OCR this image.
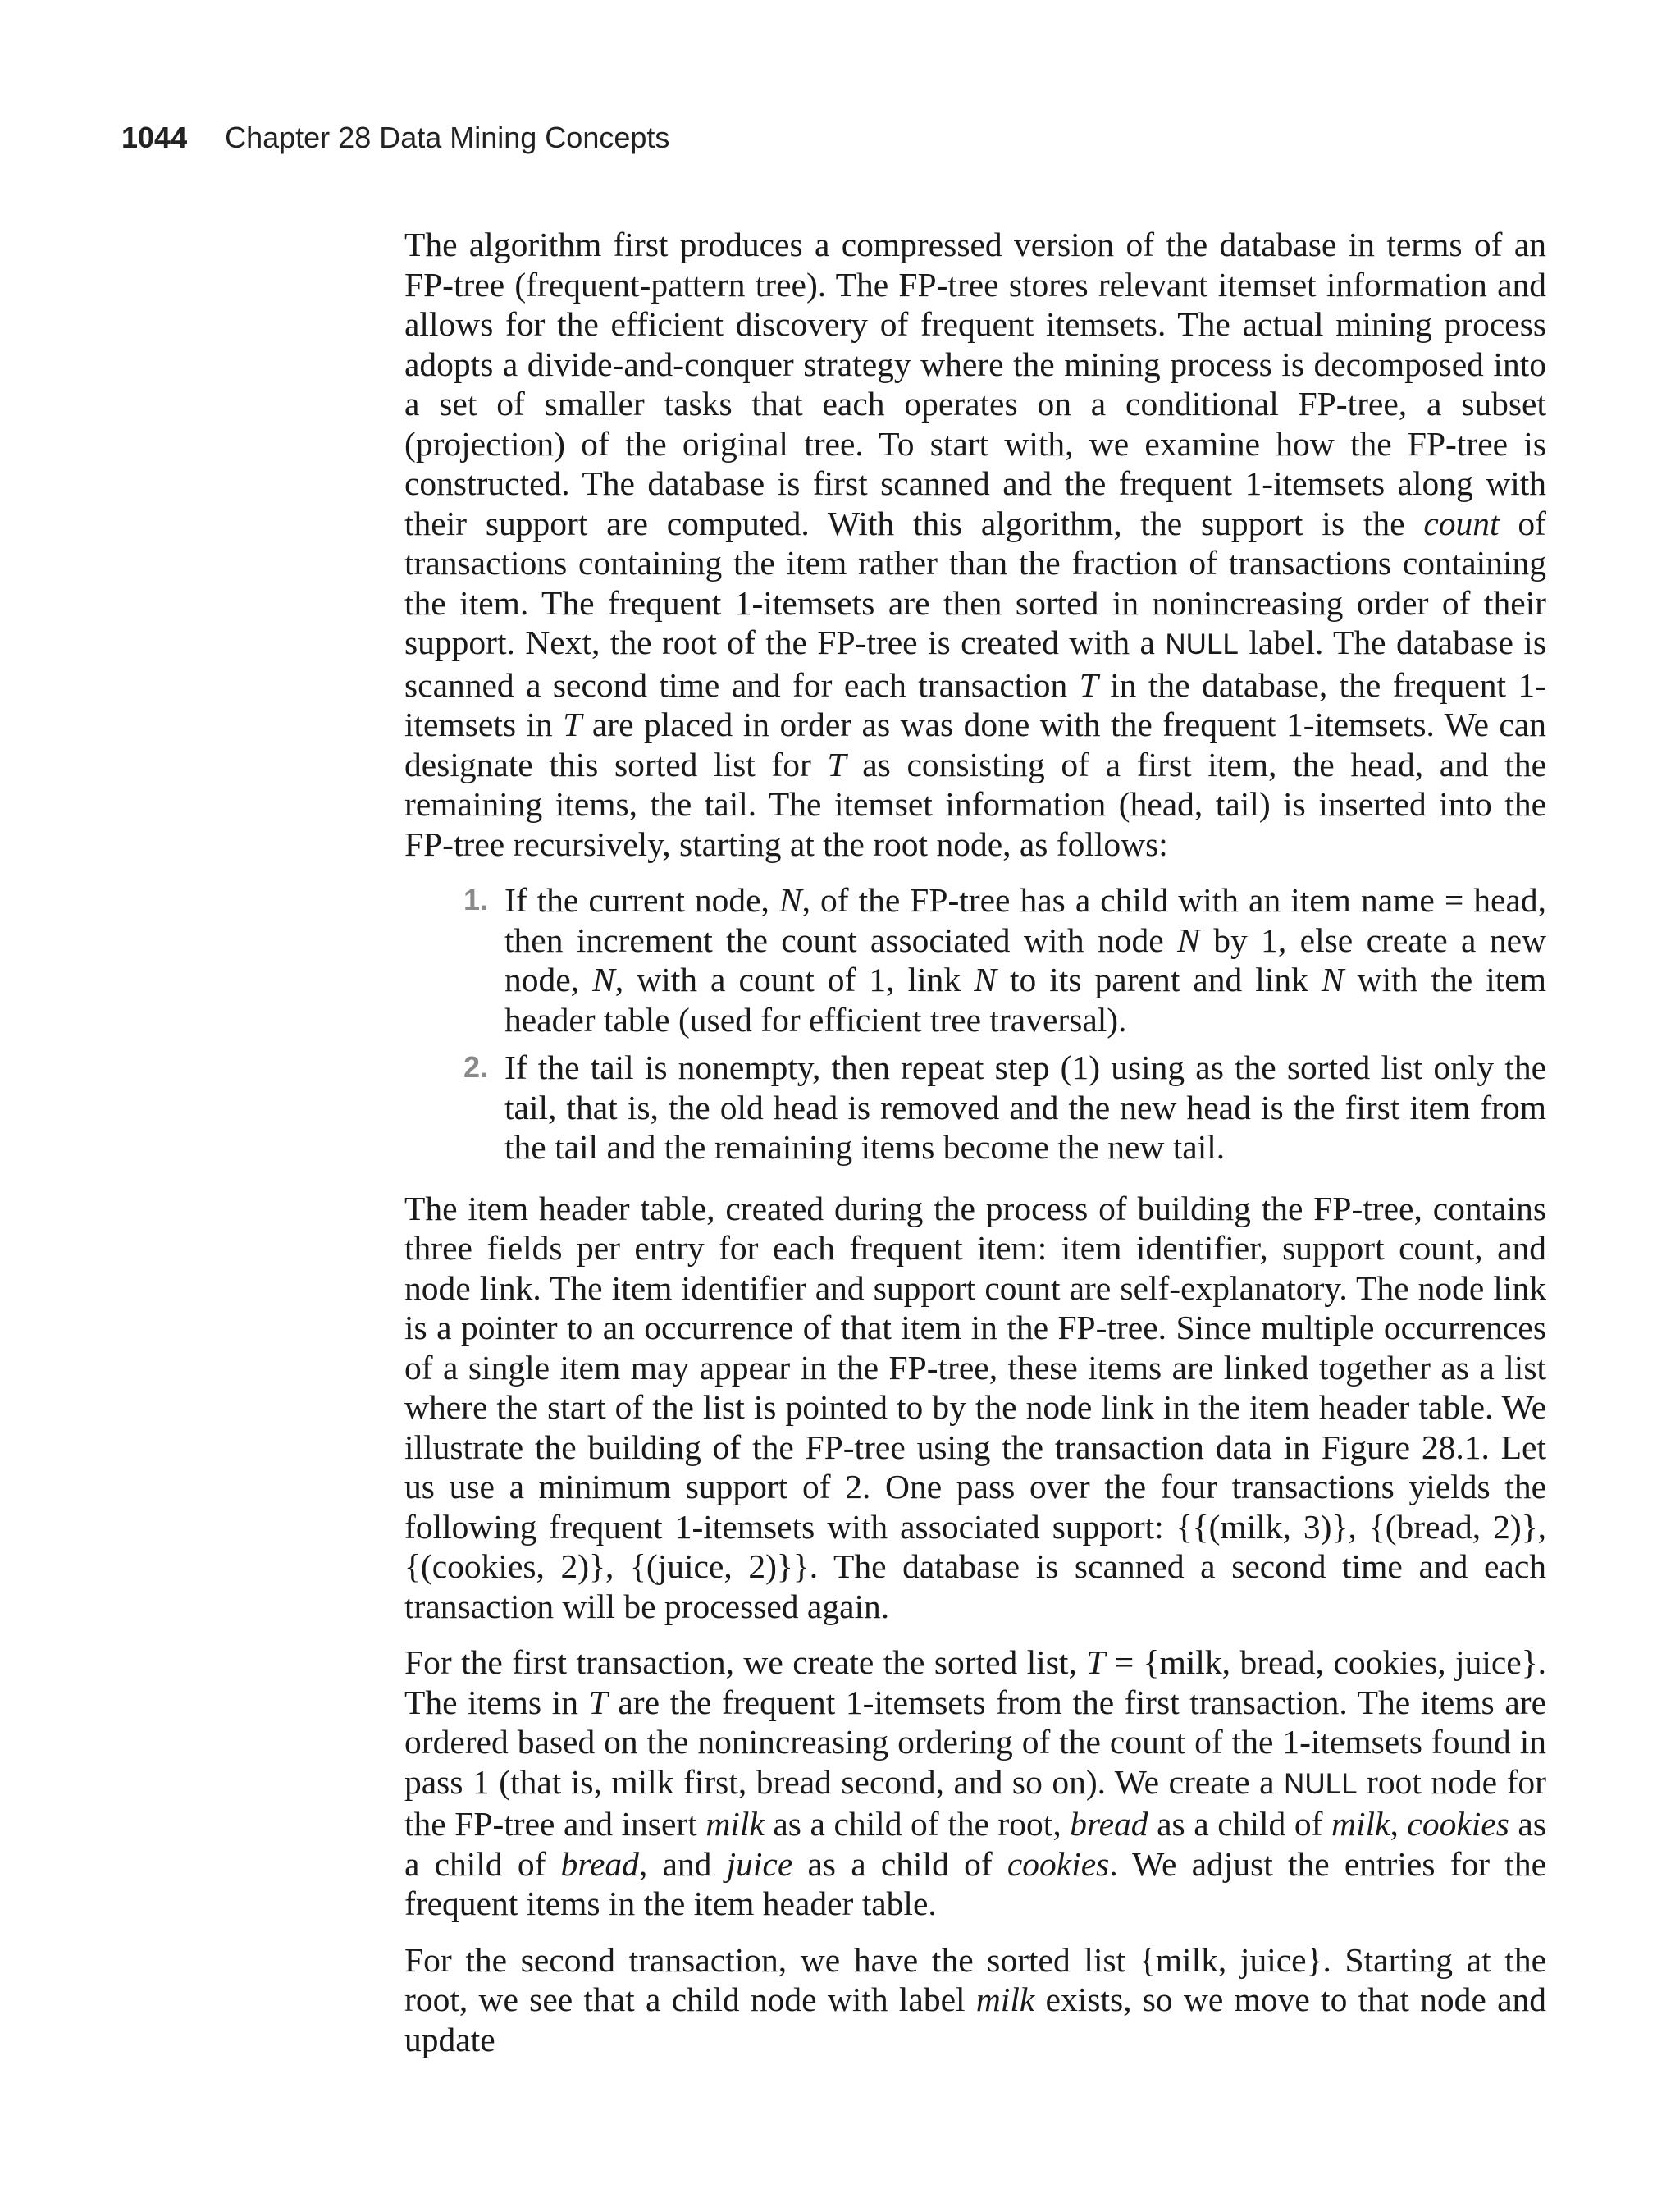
1044 Chapter 28 Data Mining Concepts

The algorithm first produces a compressed version of the database in terms of an FP-tree (frequent-pattern tree). The FP-tree stores relevant itemset information and allows for the efficient discovery of frequent itemsets. The actual mining process adopts a divide-and-conquer strategy where the mining process is decomposed into a set of smaller tasks that each operates on a conditional FP-tree, a subset (projection) of the original tree. To start with, we examine how the FP-tree is constructed. The database is first scanned and the frequent 1-itemsets along with their support are computed. With this algorithm, the support is the count of transactions containing the item rather than the fraction of transactions containing the item. The frequent 1-itemsets are then sorted in nonincreasing order of their support. Next, the root of the FP-tree is created with a NULL label. The database is scanned a second time and for each transaction T in the database, the frequent 1-itemsets in T are placed in order as was done with the frequent 1-itemsets. We can designate this sorted list for T as consisting of a first item, the head, and the remaining items, the tail. The itemset information (head, tail) is inserted into the FP-tree recursively, starting at the root node, as follows:

1. If the current node, N, of the FP-tree has a child with an item name = head, then increment the count associated with node N by 1, else create a new node, N, with a count of 1, link N to its parent and link N with the item header table (used for efficient tree traversal).
2. If the tail is nonempty, then repeat step (1) using as the sorted list only the tail, that is, the old head is removed and the new head is the first item from the tail and the remaining items become the new tail.

The item header table, created during the process of building the FP-tree, contains three fields per entry for each frequent item: item identifier, support count, and node link. The item identifier and support count are self-explanatory. The node link is a pointer to an occurrence of that item in the FP-tree. Since multiple occurrences of a single item may appear in the FP-tree, these items are linked together as a list where the start of the list is pointed to by the node link in the item header table. We illustrate the building of the FP-tree using the transaction data in Figure 28.1. Let us use a minimum support of 2. One pass over the four transactions yields the following frequent 1-itemsets with associated support: {{(milk, 3)}, {(bread, 2)}, {(cookies, 2)}, {(juice, 2)}}. The database is scanned a second time and each transaction will be processed again.

For the first transaction, we create the sorted list, T = {milk, bread, cookies, juice}. The items in T are the frequent 1-itemsets from the first transaction. The items are ordered based on the nonincreasing ordering of the count of the 1-itemsets found in pass 1 (that is, milk first, bread second, and so on). We create a NULL root node for the FP-tree and insert milk as a child of the root, bread as a child of milk, cookies as a child of bread, and juice as a child of cookies. We adjust the entries for the frequent items in the item header table.

For the second transaction, we have the sorted list {milk, juice}. Starting at the root, we see that a child node with label milk exists, so we move to that node and update
